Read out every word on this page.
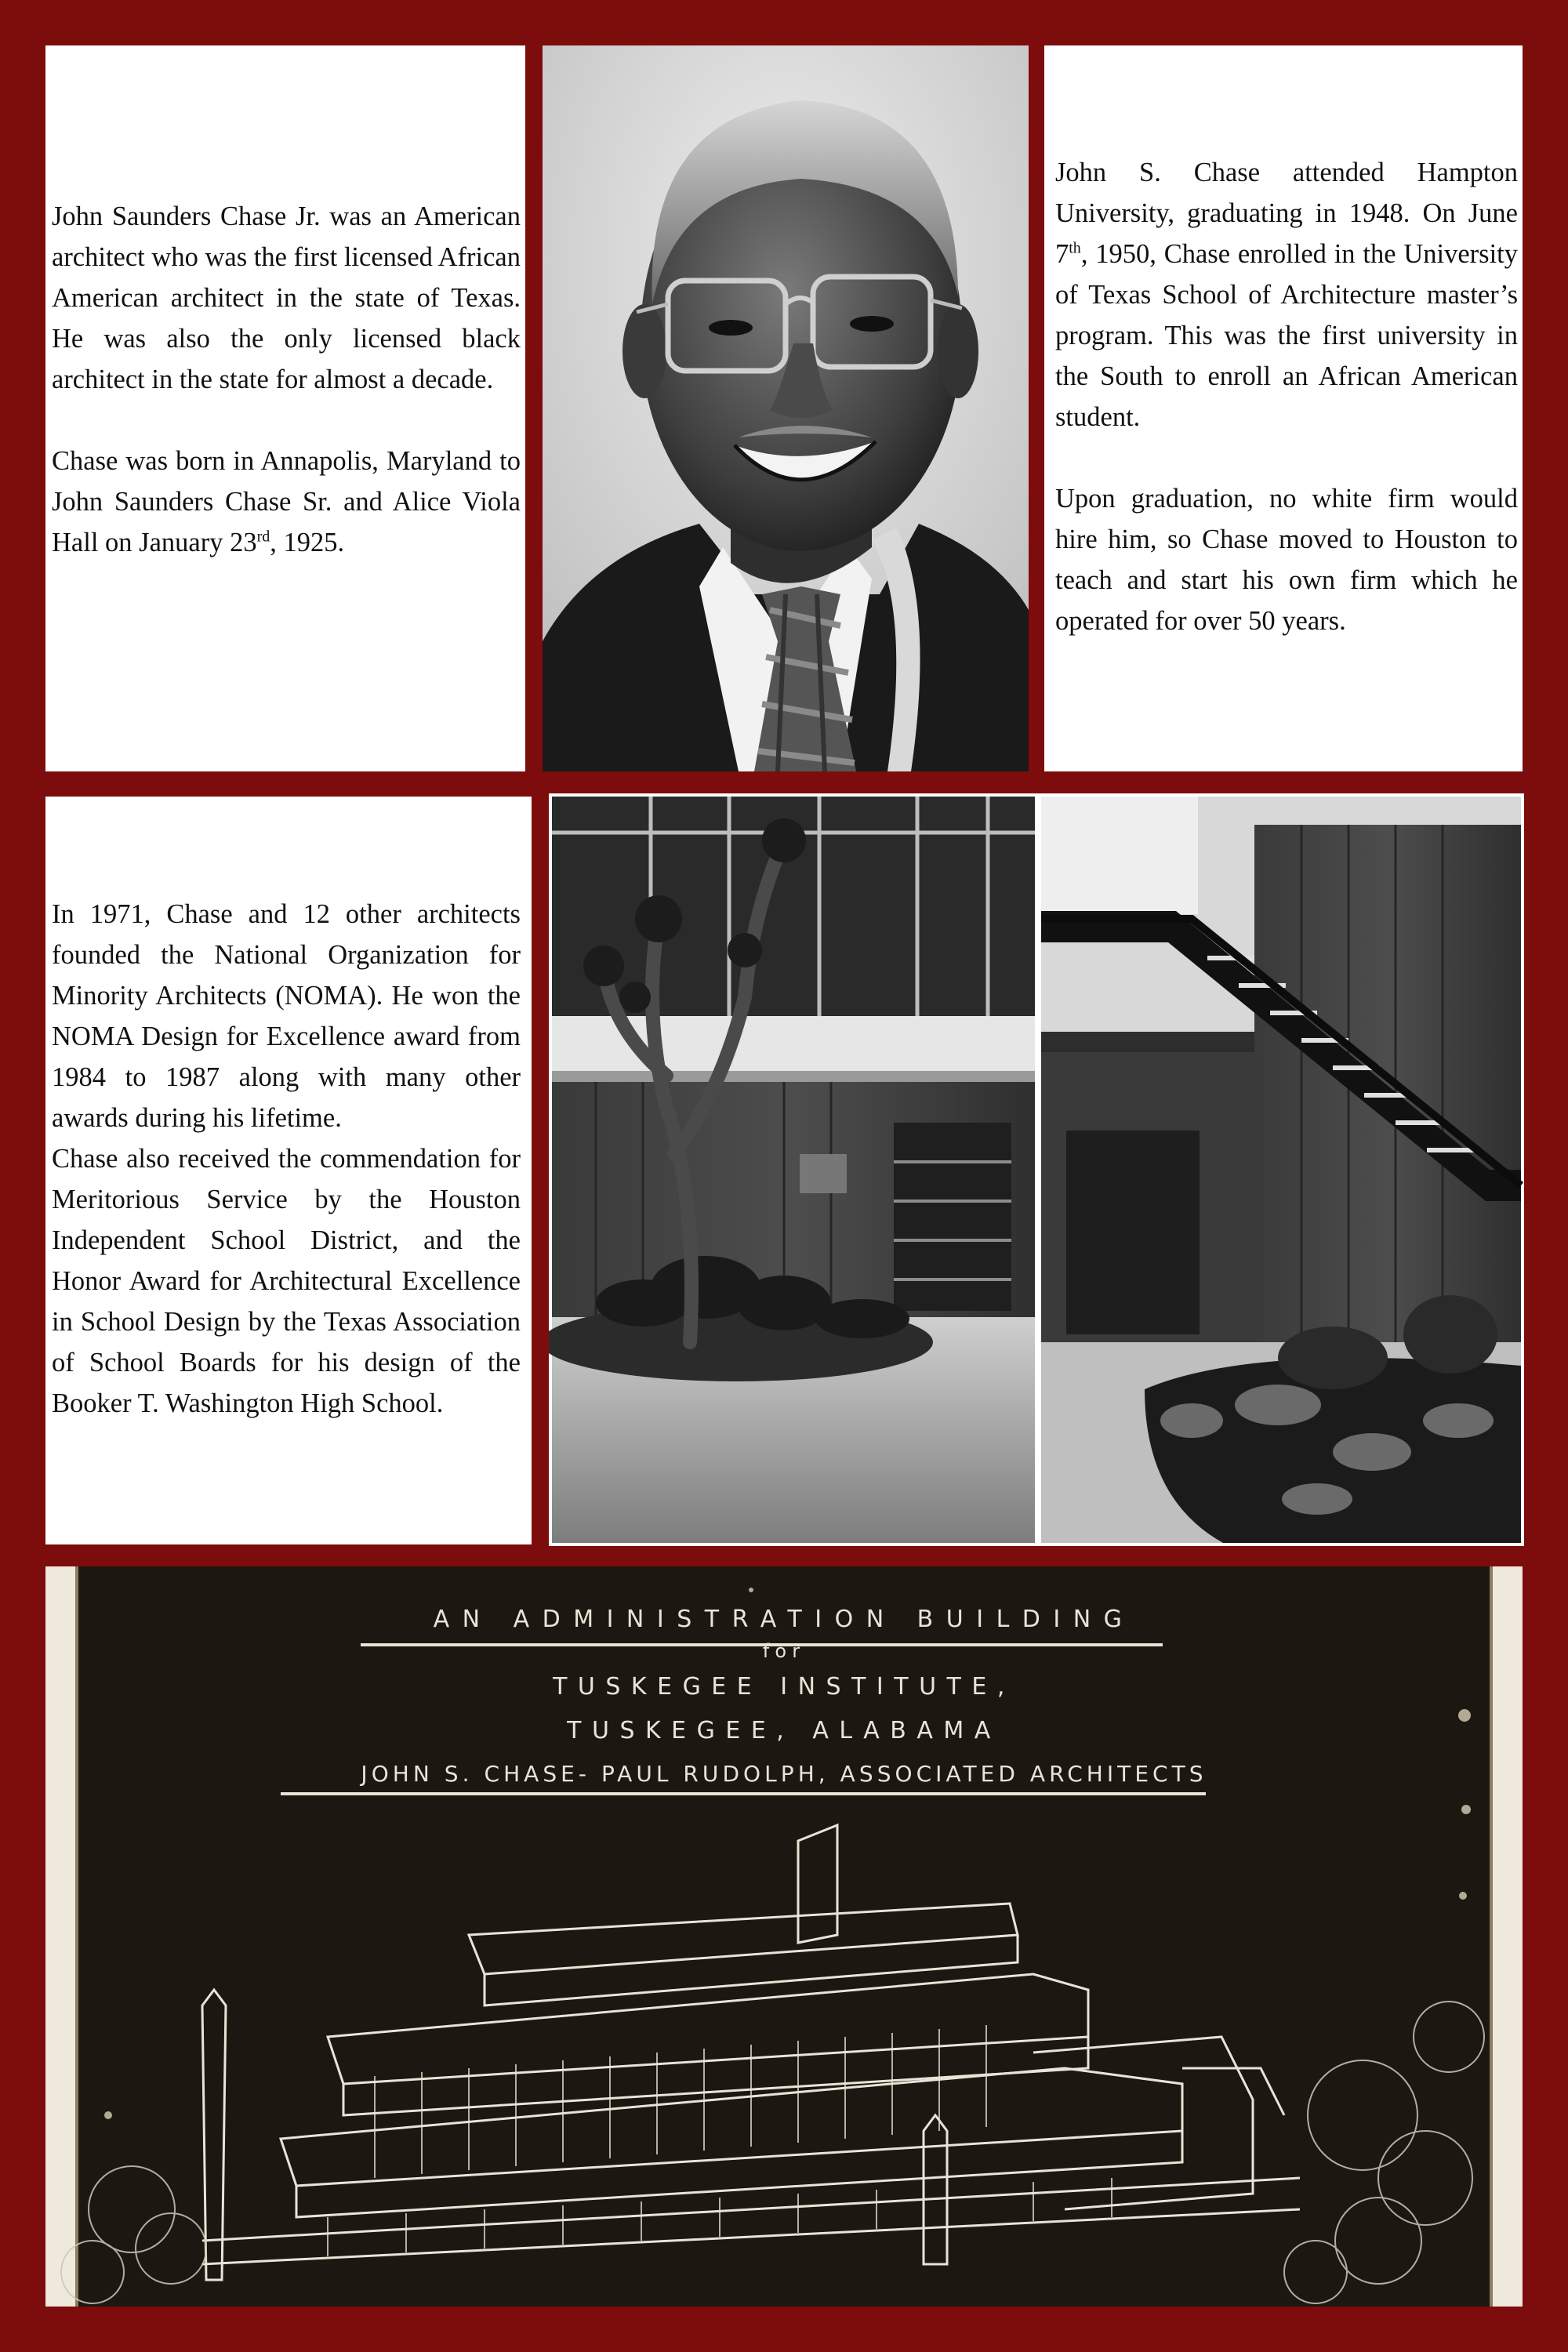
John Saunders Chase Jr. was an American architect who was the first licensed African American architect in the state of Texas. He was also the only licensed black architect in the state for almost a decade.

Chase was born in Annapolis, Maryland to John Saunders Chase Sr. and Alice Viola Hall on January 23rd, 1925.

John S. Chase attended Hampton University, graduating in 1948. On June 7th, 1950, Chase enrolled in the University of Texas School of Architecture master’s program. This was the first university in the South to enroll an African American student.

Upon graduation, no white firm would hire him, so Chase moved to Houston to teach and start his own firm which he operated for over 50 years.

In 1971, Chase and 12 other architects founded the National Organization for Minority Architects (NOMA). He won the NOMA Design for Excellence award from 1984 to 1987 along with many other awards during his lifetime.

Chase also received the commendation for Meritorious Service by the Houston Independent School District, and the Honor Award for Architectural Excellence in School Design by the Texas Association of School Boards for his design of the Booker T. Washington High School.

AN ADMINISTRATION BUILDING
for
TUSKEGEE INSTITUTE,
TUSKEGEE, ALABAMA
JOHN S. CHASE- PAUL RUDOLPH, ASSOCIATED ARCHITECTS
